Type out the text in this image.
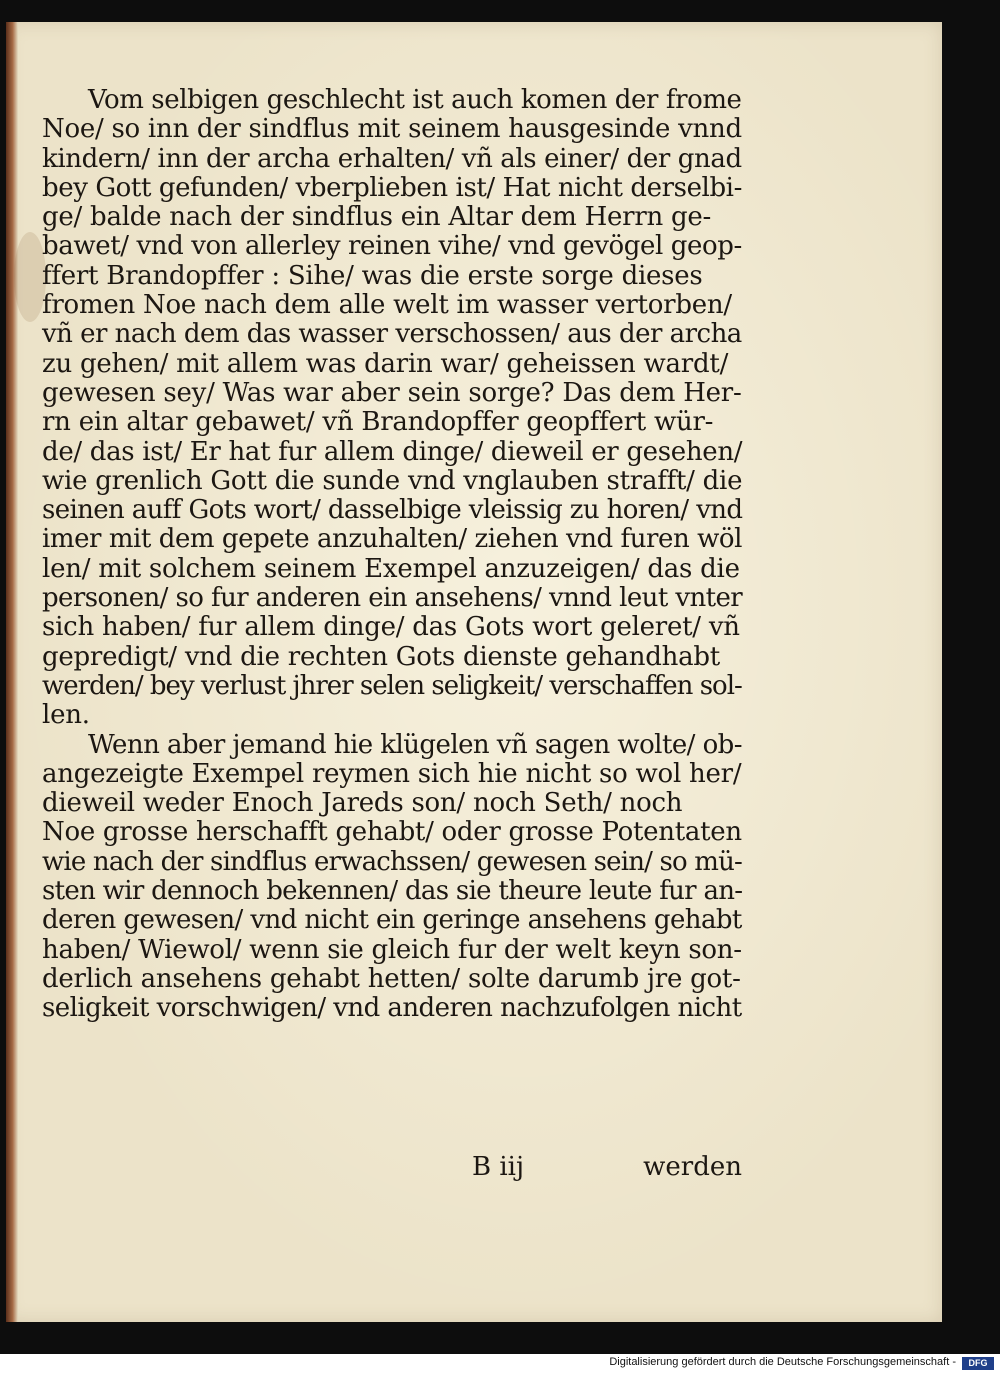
Vom selbigen geschlecht ist auch komen der frome
Noe/ so inn der sindflus mit seinem hausgesinde vnnd
kindern/ inn der archa erhalten/ vñ als einer/ der gnad
bey Gott gefunden/ vberplieben ist/ Hat nicht derselbi-
ge/ balde nach der sindflus ein Altar dem Herrn ge-
bawet/ vnd von allerley reinen vihe/ vnd gevögel geop-
ffert Brandopffer : Sihe/ was die erste sorge dieses
fromen Noe nach dem alle welt im wasser vertorben/
vñ er nach dem das wasser verschossen/ aus der archa
zu gehen/ mit allem was darin war/ geheissen wardt/
gewesen sey/ Was war aber sein sorge? Das dem Her-
rn ein altar gebawet/ vñ Brandopffer geopffert wür-
de/ das ist/ Er hat fur allem dinge/ dieweil er gesehen/
wie grenlich Gott die sunde vnd vnglauben strafft/ die
seinen auff Gots wort/ dasselbige vleissig zu horen/ vnd
imer mit dem gepete anzuhalten/ ziehen vnd furen wöl
len/ mit solchem seinem Exempel anzuzeigen/ das die
personen/ so fur anderen ein ansehens/ vnnd leut vnter
sich haben/ fur allem dinge/ das Gots wort geleret/ vñ
gepredigt/ vnd die rechten Gots dienste gehandhabt
werden/ bey verlust jhrer selen seligkeit/ verschaffen sol-
len.
Wenn aber jemand hie klügelen vñ sagen wolte/ ob-
angezeigte Exempel reymen sich hie nicht so wol her/
dieweil weder Enoch Jareds son/ noch Seth/ noch
Noe grosse herschafft gehabt/ oder grosse Potentaten
wie nach der sindflus erwachssen/ gewesen sein/ so mü-
sten wir dennoch bekennen/ das sie theure leute fur an-
deren gewesen/ vnd nicht ein geringe ansehens gehabt
haben/ Wiewol/ wenn sie gleich fur der welt keyn son-
derlich ansehens gehabt hetten/ solte darumb jre got-
seligkeit vorschwigen/ vnd anderen nachzufolgen nicht
B iij	werden
Digitalisierung gefördert durch die Deutsche Forschungsgemeinschaft -	DFG
